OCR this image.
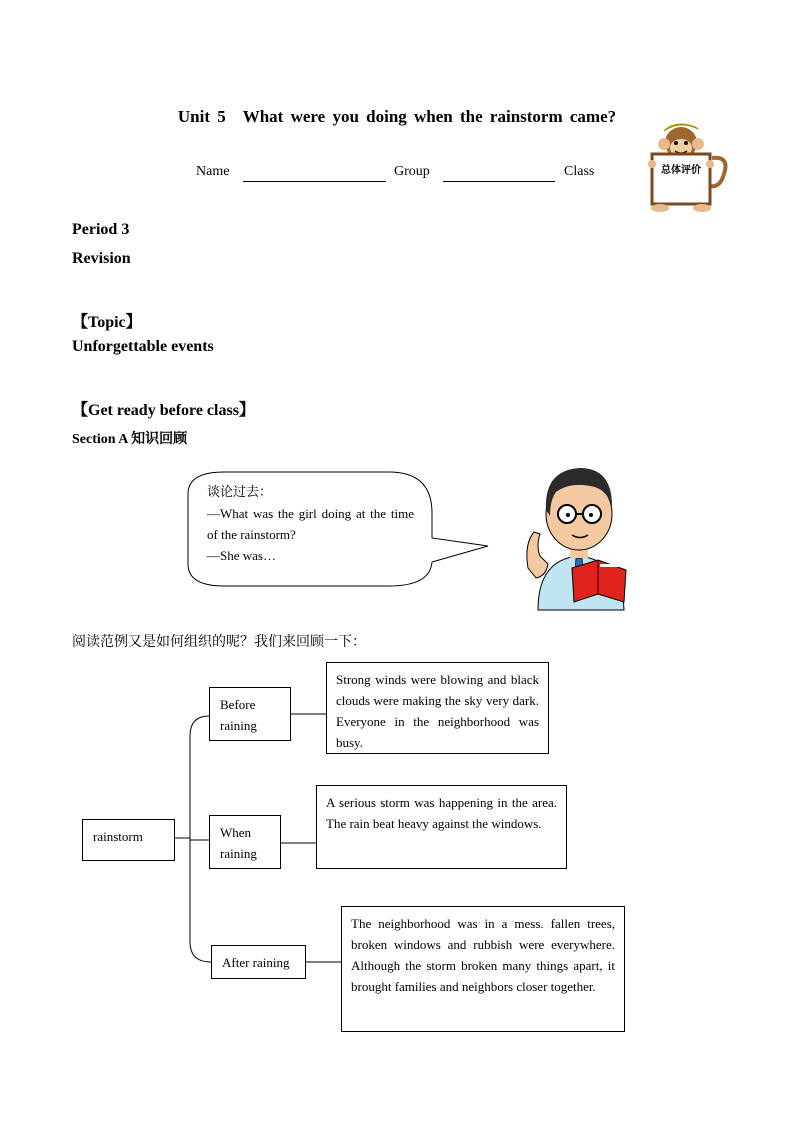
Unit 5　What were you doing when the rainstorm came?
Name	Group	Class	总体评价
Period 3
Revision
【Topic】
Unforgettable events
【Get ready before class】
Section A 知识回顾
谈论过去：
—What was the girl doing at the time of the rainstorm?
—She was…
阅读范例又是如何组织的呢？我们来回顾一下：
rainstorm
Before raining
Strong winds were blowing and black clouds were making the sky very dark. Everyone in the neighborhood was busy.
When raining
A serious storm was happening in the area. The rain beat heavy against the windows.
After raining
The neighborhood was in a mess. fallen trees, broken windows and rubbish were everywhere. Although the storm broken many things apart, it brought families and neighbors closer together.
